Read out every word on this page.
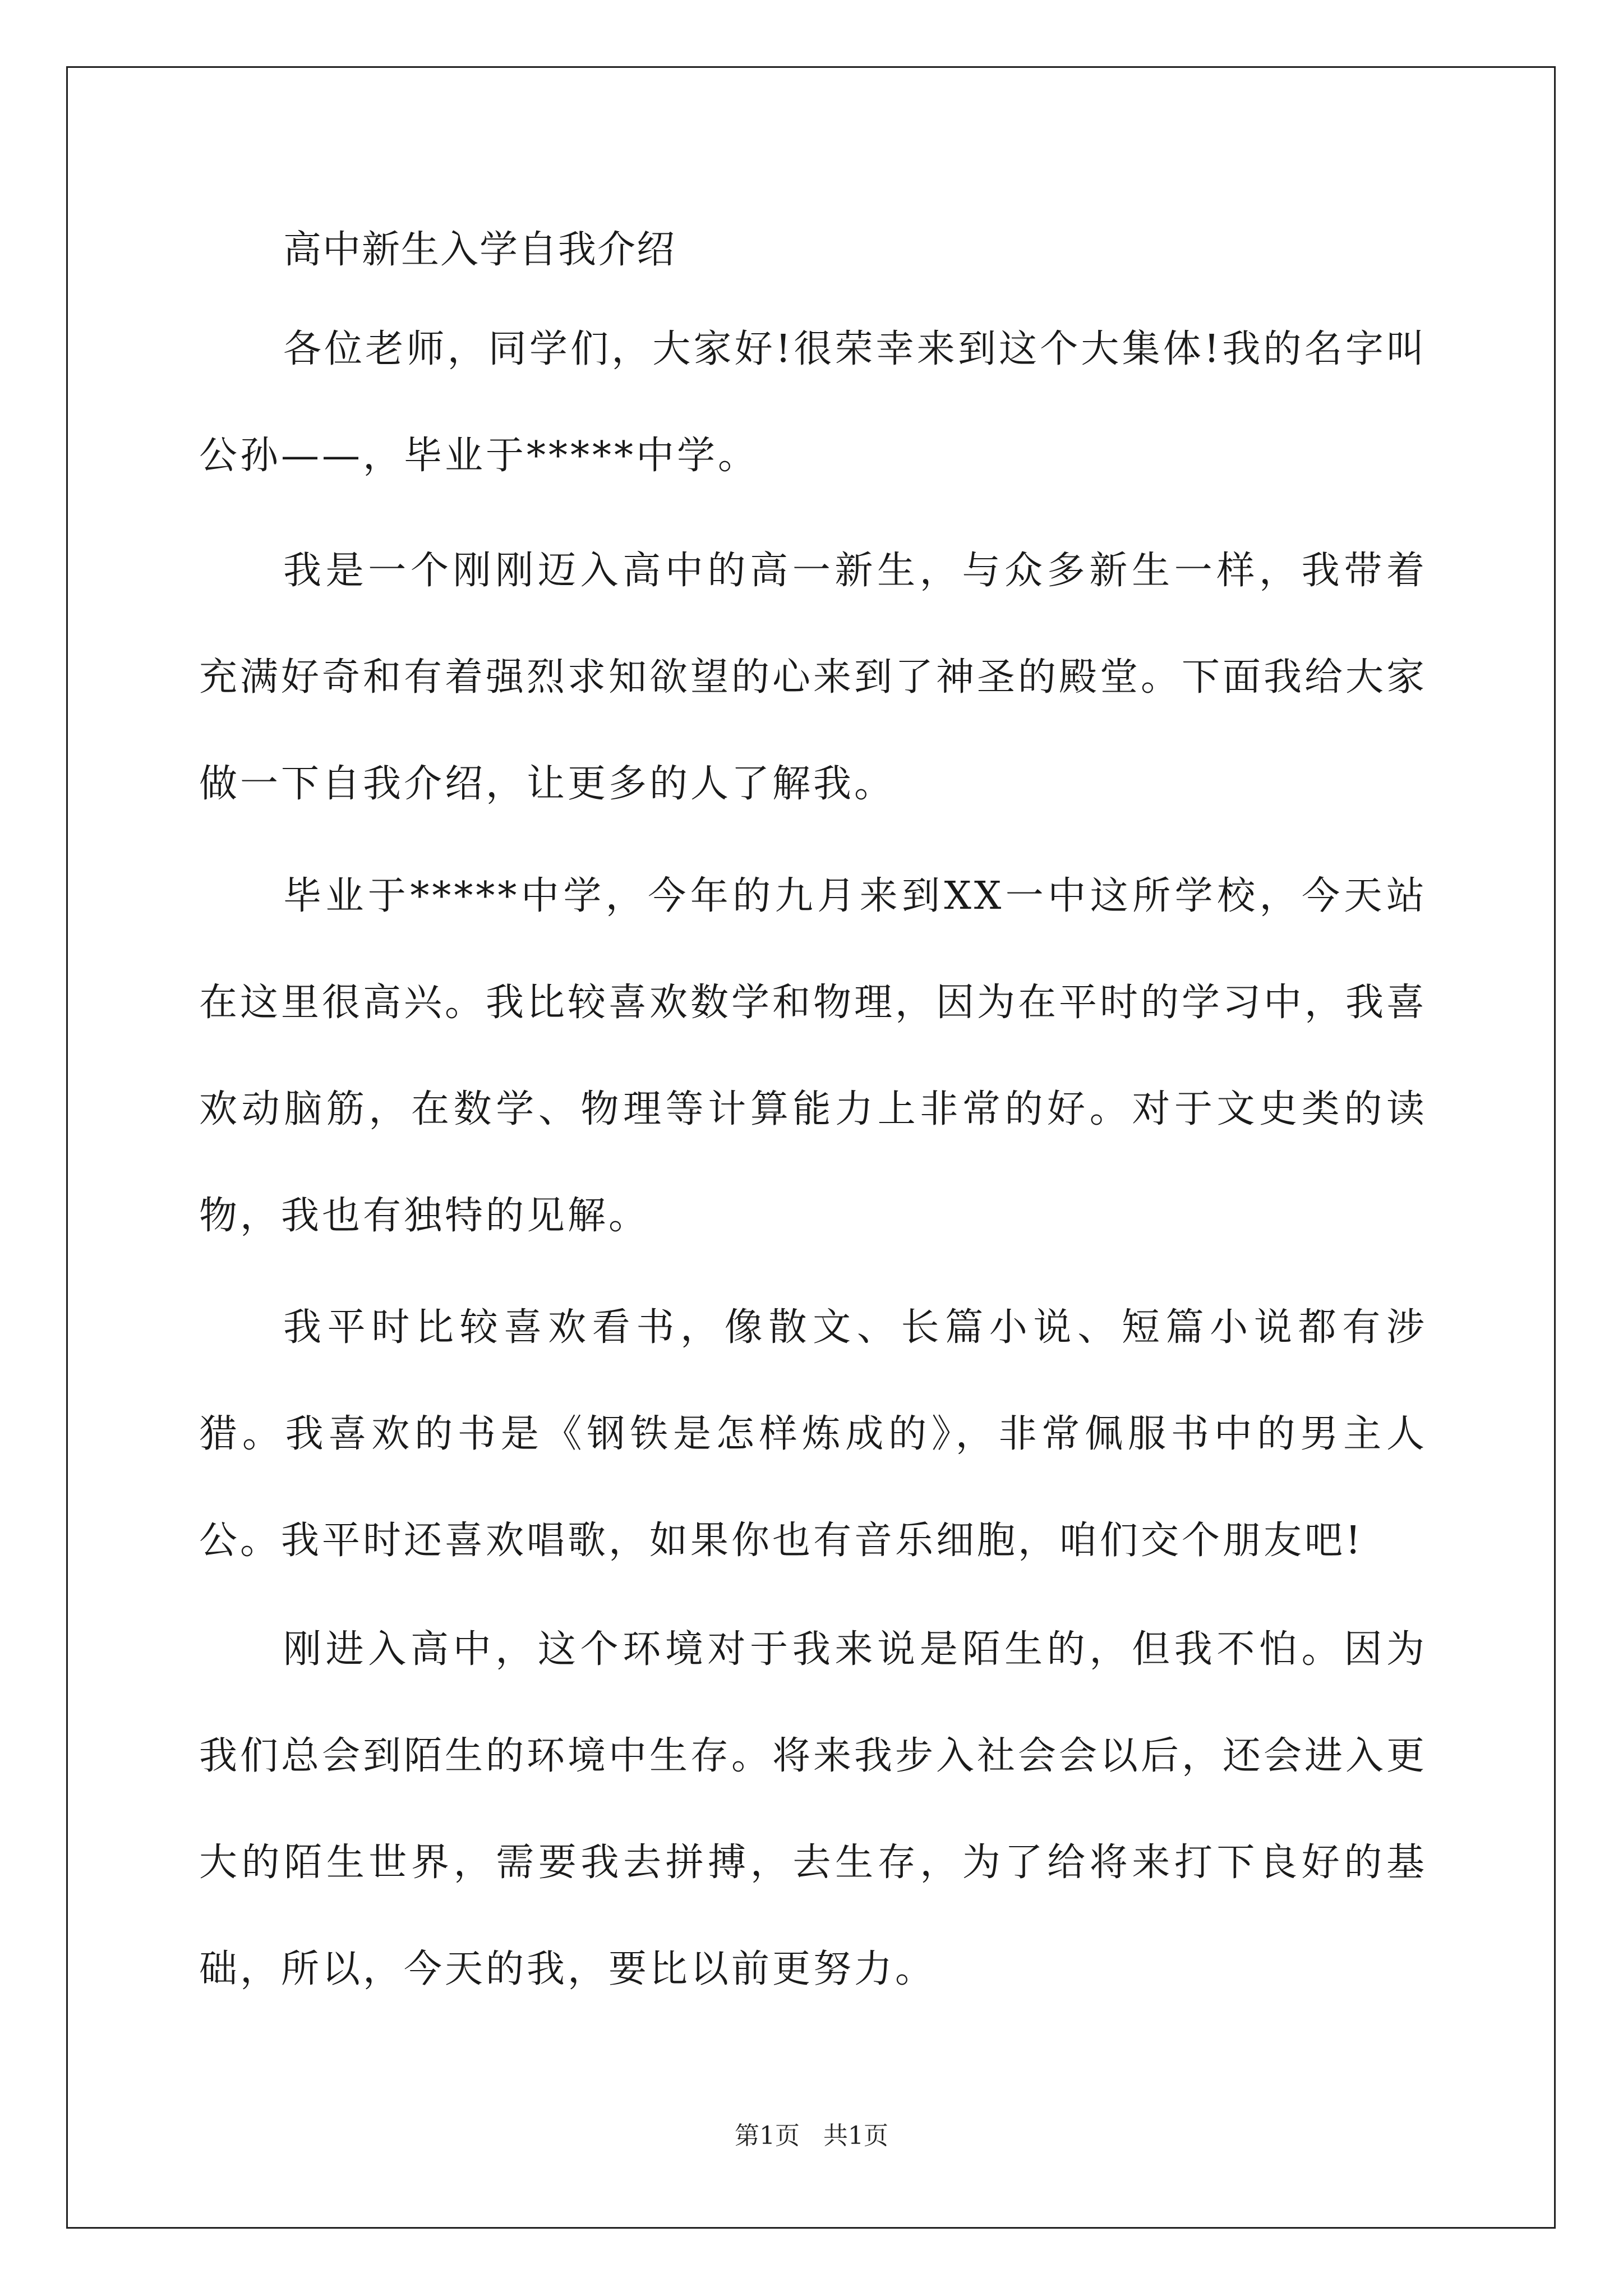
高中新生入学自我介绍

各位老师，同学们，大家好!很荣幸来到这个大集体!我的名字叫公孙——，毕业于*****中学。

我是一个刚刚迈入高中的高一新生，与众多新生一样，我带着充满好奇和有着强烈求知欲望的心来到了神圣的殿堂。下面我给大家做一下自我介绍，让更多的人了解我。

毕业于*****中学，今年的九月来到XX一中这所学校，今天站在这里很高兴。我比较喜欢数学和物理，因为在平时的学习中，我喜欢动脑筋，在数学、物理等计算能力上非常的好。对于文史类的读物，我也有独特的见解。

我平时比较喜欢看书，像散文、长篇小说、短篇小说都有涉猎。我喜欢的书是《钢铁是怎样炼成的》，非常佩服书中的男主人公。我平时还喜欢唱歌，如果你也有音乐细胞，咱们交个朋友吧!

刚进入高中，这个环境对于我来说是陌生的，但我不怕。因为我们总会到陌生的环境中生存。将来我步入社会会以后，还会进入更大的陌生世界，需要我去拼搏，去生存，为了给将来打下良好的基础，所以，今天的我，要比以前更努力。

第1页   共1页
